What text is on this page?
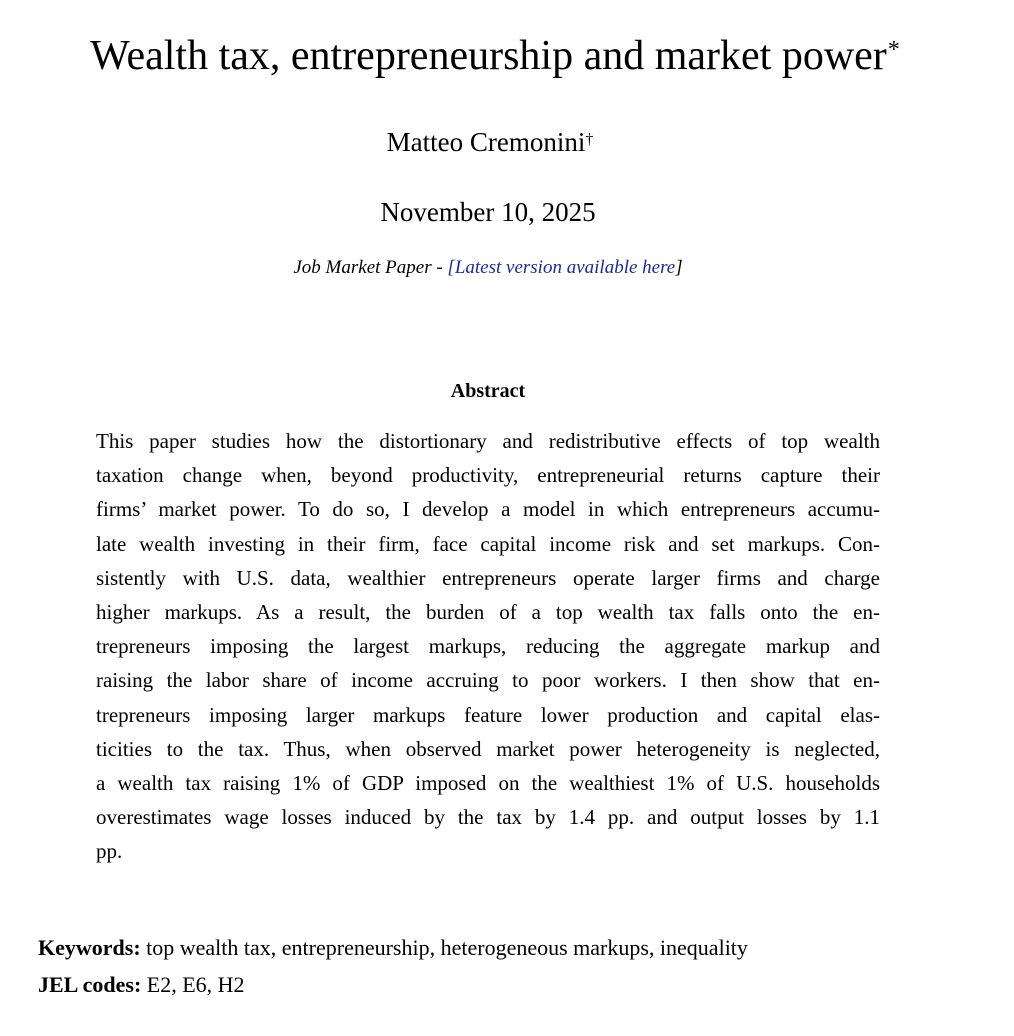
Wealth tax, entrepreneurship and market power*
Matteo Cremonini†
November 10, 2025
Job Market Paper - [Latest version available here]
Abstract
This paper studies how the distortionary and redistributive effects of top wealth
taxation change when, beyond productivity, entrepreneurial returns capture their
firms’ market power. To do so, I develop a model in which entrepreneurs accumu-
late wealth investing in their firm, face capital income risk and set markups. Con-
sistently with U.S. data, wealthier entrepreneurs operate larger firms and charge
higher markups. As a result, the burden of a top wealth tax falls onto the en-
trepreneurs imposing the largest markups, reducing the aggregate markup and
raising the labor share of income accruing to poor workers. I then show that en-
trepreneurs imposing larger markups feature lower production and capital elas-
ticities to the tax. Thus, when observed market power heterogeneity is neglected,
a wealth tax raising 1% of GDP imposed on the wealthiest 1% of U.S. households
overestimates wage losses induced by the tax by 1.4 pp. and output losses by 1.1
pp.
Keywords: top wealth tax, entrepreneurship, heterogeneous markups, inequality
JEL codes: E2, E6, H2
